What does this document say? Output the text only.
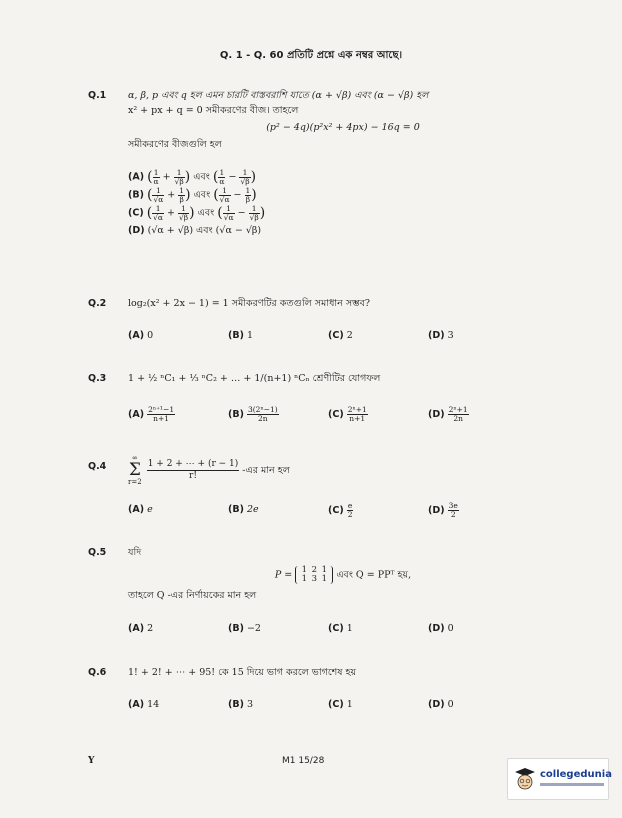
Q. 1 - Q. 60 প্রতিটি প্রশ্নে এক নম্বর আছে।
Q.1 α, β, p এবং q হল এমন চারটি বাস্তবরাশি যাতে (α + √β) এবং (α − √β) হল
x² + px + q = 0 সমীকরণের বীজ। তাহলে
(p² − 4q)(p²x² + 4px) − 16q = 0
সমীকরণের বীজগুলি হল
(A) ( $\frac{1}{\alpha} + \frac{1}{√\beta}$ ) এবং ( $\frac{1}{\alpha} - \frac{1}{√\beta}$ )
(B) ( $\frac{1}{√\alpha} + \frac{1}{\beta}$ ) এবং ( $\frac{1}{√\alpha} - \frac{1}{\beta}$ )
(C) ( $\frac{1}{√\alpha} + \frac{1}{√\beta}$ ) এবং ( $\frac{1}{√\alpha} - \frac{1}{√\beta}$ )
(D) (√α + √β) এবং (√α − √β)
Q.2 log₂(x² + 2x − 1) = 1 সমীকরণটির কতগুলি সমাধান সম্ভব?
(A) 0	(B) 1	(C) 2	(D) 3
Q.3 1 + ½ ⁿC₁ + ⅓ ⁿC₂ + … + 1/(n+1) ⁿCₙ শ্রেণীটির যোগফল
$(A) \frac{\text{2ⁿ⁺¹−1}}{n+1}$	$(B) \frac{\text{3(2ⁿ−1)}}{2n}$	$(C) \frac{\text{2ⁿ+1}}{n+1}$	$(D) \frac{\text{2ⁿ+1}}{2n}$
Q.4
∞
Σ
$r=2 \frac{1 + 2 + \cdots + (r - 1)}{r!}$ -এর মান হল
(A) e	(B) 2e	$(C) \frac{e}{2}$	$(D) \frac{3e}{2}$
Q.5 যদি
P = 1 2 1
1 3 1 এবং Q = PPᵀ হয়,
তাহলে Q -এর নির্ণায়কের মান হল
(A) 2	(B) −2	(C) 1	(D) 0
Q.6 1! + 2! + ⋯ + 95! কে 15 দিয়ে ভাগ করলে ভাগশেষ হয়
(A) 14	(B) 3	(C) 1	(D) 0
Y	M1 15/28
collegedunia
